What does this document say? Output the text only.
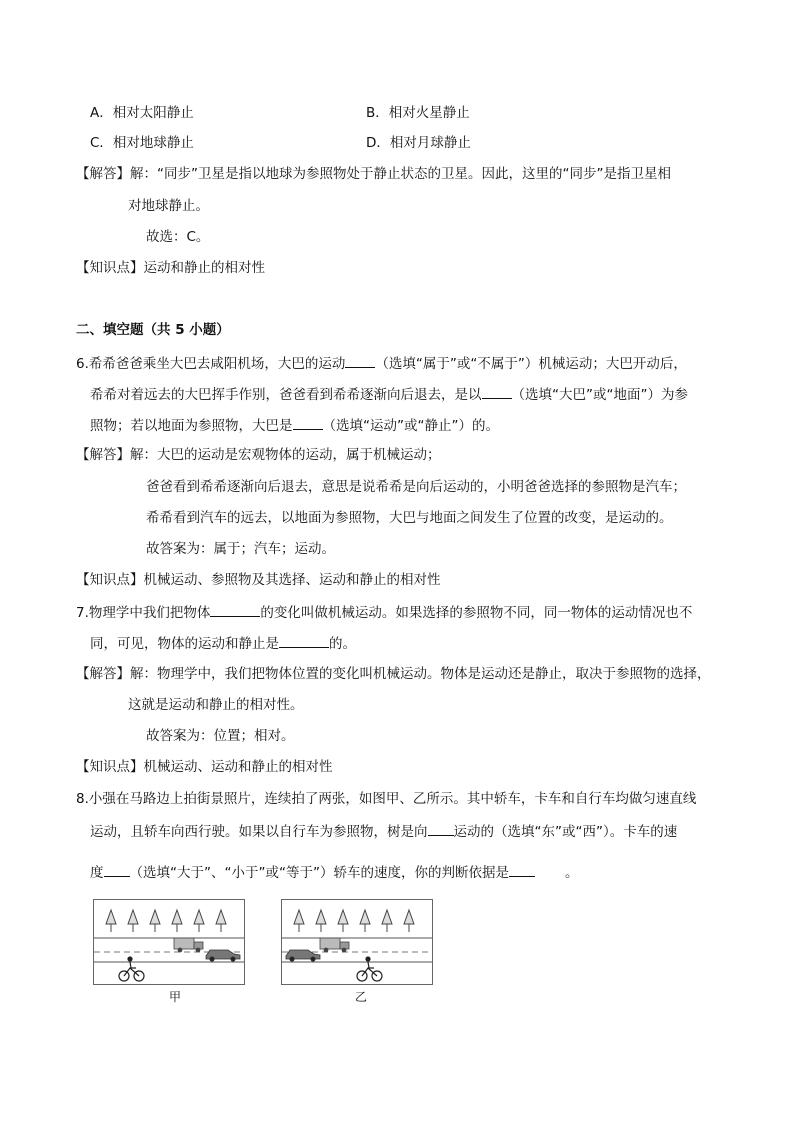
A．相对太阳静止	B．相对火星静止
C．相对地球静止	D．相对月球静止
【解答】解：“同步”卫星是指以地球为参照物处于静止状态的卫星。因此，这里的“同步”是指卫星相
对地球静止。
故选：C。
【知识点】运动和静止的相对性
二、填空题（共 5 小题）
6.希希爸爸乘坐大巴去咸阳机场，大巴的运动 （选填“属于”或“不属于”）机械运动；大巴开动后，
希希对着远去的大巴挥手作别，爸爸看到希希逐渐向后退去，是以 （选填“大巴”或“地面”）为参
照物；若以地面为参照物，大巴是 （选填“运动”或“静止”）的。
【解答】解：大巴的运动是宏观物体的运动，属于机械运动；
爸爸看到希希逐渐向后退去，意思是说希希是向后运动的，小明爸爸选择的参照物是汽车；
希希看到汽车的远去，以地面为参照物，大巴与地面之间发生了位置的改变，是运动的。
故答案为：属于；汽车；运动。
【知识点】机械运动、参照物及其选择、运动和静止的相对性
7.物理学中我们把物体	的变化叫做机械运动。如果选择的参照物不同，同一物体的运动情况也不
同，可见，物体的运动和静止是	的。
【解答】解：物理学中，我们把物体位置的变化叫机械运动。物体是运动还是静止，取决于参照物的选择，
这就是运动和静止的相对性。
故答案为：位置；相对。
【知识点】机械运动、运动和静止的相对性
8.小强在马路边上拍街景照片，连续拍了两张，如图甲、乙所示。其中轿车，卡车和自行车均做匀速直线
运动，且轿车向西行驶。如果以自行车为参照物，树是向 运动的（选填“东”或“西”）。卡车的速
度 （选填“大于”、“小于”或“等于”）轿车的速度，你的判断依据是	。
甲	乙
